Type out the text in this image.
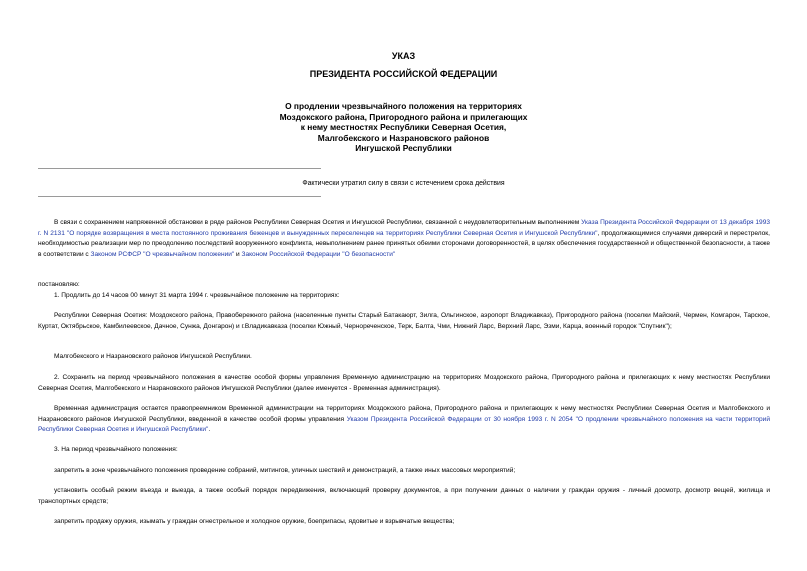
УКАЗ

ПРЕЗИДЕНТА РОССИЙСКОЙ ФЕДЕРАЦИИ

О продлении чрезвычайного положения на территориях
Моздокского района, Пригородного района и прилегающих
к нему местностях Республики Северная Осетия,
Малгобекского и Назрановского районов
Ингушской Республики

Фактически утратил силу в связи с истечением срока действия

В связи с сохранением напряженной обстановки в ряде районов Республики Северная Осетия и Ингушской Республики, связанной с неудовлетворительным выполнением Указа Президента Российской Федерации от 13 декабря 1993 г. N 2131 "О порядке возвращения в места постоянного проживания беженцев и вынужденных переселенцев на территориях Республики Северная Осетия и Ингушской Республики", продолжающимися случаями диверсий и перестрелок, необходимостью реализации мер по преодолению последствий вооруженного конфликта, невыполнением ранее принятых обеими сторонами договоренностей, в целях обеспечения государственной и общественной безопасности, а также в соответствии с Законом РСФСР "О чрезвычайном положении" и Законом Российской Федерации "О безопасности"

постановляю:

1. Продлить до 14 часов 00 минут 31 марта 1994 г. чрезвычайное положение на территориях:

Республики Северная Осетия: Моздокского района, Правобережного района (населенные пункты Старый Батакаюрт, Зилга, Ольгинское, аэропорт Владикавказ), Пригородного района (поселки Майский, Чермен, Комгарон, Тарское, Куртат, Октябрьское, Камбилеевское, Дачное, Сунжа, Донгарон) и г.Владикавказа (поселки Южный, Чернореченское, Терк, Балта, Чми, Нижний Ларс, Верхний Ларс, Эзми, Карца, военный городок "Спутник");

Малгобекского и Назрановского районов Ингушской Республики.

2. Сохранить на период чрезвычайного положения в качестве особой формы управления Временную администрацию на территориях Моздокского района, Пригородного района и прилегающих к нему местностях Республики Северная Осетия, Малгобекского и Назрановского районов Ингушской Республики (далее именуется - Временная администрация).

Временная администрация остается правопреемником Временной администрации на территориях Моздокского района, Пригородного района и прилегающих к нему местностях Республики Северная Осетия и Малгобекского и Назрановского районов Ингушской Республики, введенной в качестве особой формы управления Указом Президента Российской Федерации от 30 ноября 1993 г. N 2054 "О продлении чрезвычайного положения на части территорий Республики Северная Осетия и Ингушской Республики".

3. На период чрезвычайного положения:

запретить в зоне чрезвычайного положения проведение собраний, митингов, уличных шествий и демонстраций, а также иных массовых мероприятий;

установить особый режим въезда и выезда, а также особый порядок передвижения, включающий проверку документов, а при получении данных о наличии у граждан оружия - личный досмотр, досмотр вещей, жилища и транспортных средств;

запретить продажу оружия, изымать у граждан огнестрельное и холодное оружие, боеприпасы, ядовитые и взрывчатые вещества;
